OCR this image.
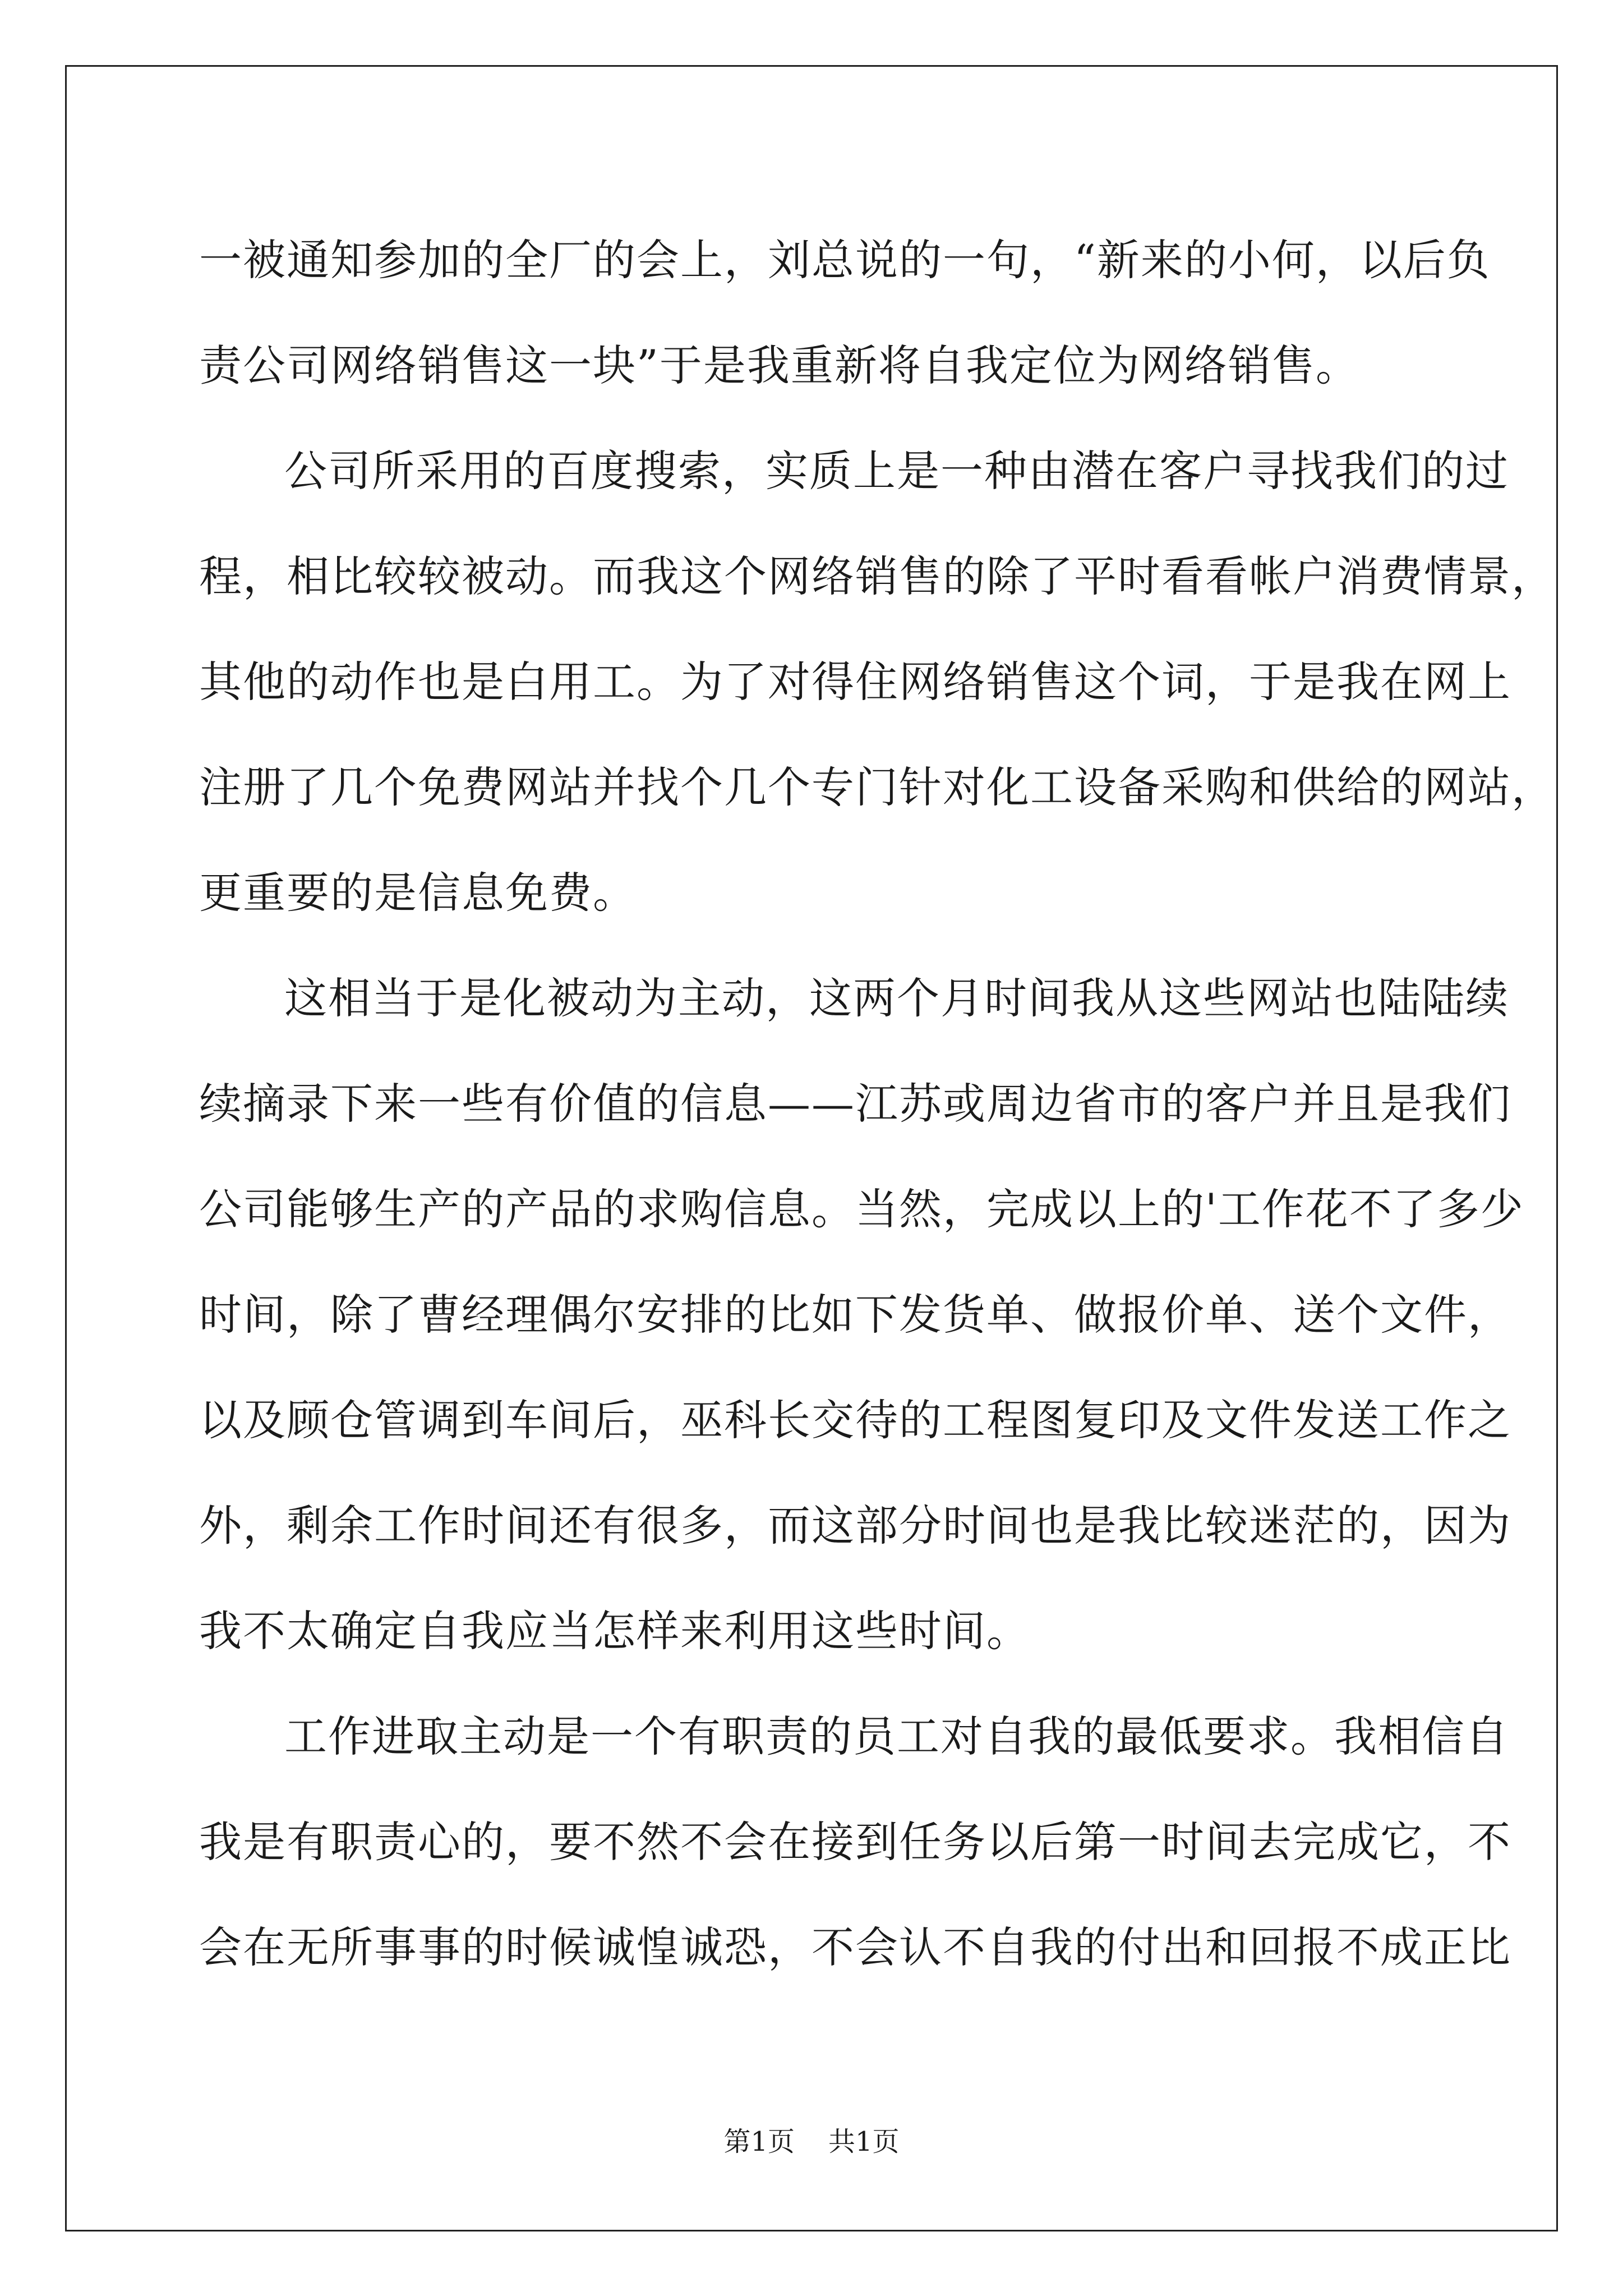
一被通知参加的全厂的会上，刘总说的一句，“新来的小何，以后负
责公司网络销售这一块”于是我重新将自我定位为网络销售。
公司所采用的百度搜索，实质上是一种由潜在客户寻找我们的过
程，相比较较被动。而我这个网络销售的除了平时看看帐户消费情景，
其他的动作也是白用工。为了对得住网络销售这个词，于是我在网上
注册了几个免费网站并找个几个专门针对化工设备采购和供给的网站，
更重要的是信息免费。
这相当于是化被动为主动，这两个月时间我从这些网站也陆陆续
续摘录下来一些有价值的信息——江苏或周边省市的客户并且是我们
公司能够生产的产品的求购信息。当然，完成以上的'工作花不了多少
时间，除了曹经理偶尔安排的比如下发货单、做报价单、送个文件，
以及顾仓管调到车间后，巫科长交待的工程图复印及文件发送工作之
外，剩余工作时间还有很多，而这部分时间也是我比较迷茫的，因为
我不太确定自我应当怎样来利用这些时间。
工作进取主动是一个有职责的员工对自我的最低要求。我相信自
我是有职责心的，要不然不会在接到任务以后第一时间去完成它，不
会在无所事事的时候诚惶诚恐，不会认不自我的付出和回报不成正比
第1页 共1页
